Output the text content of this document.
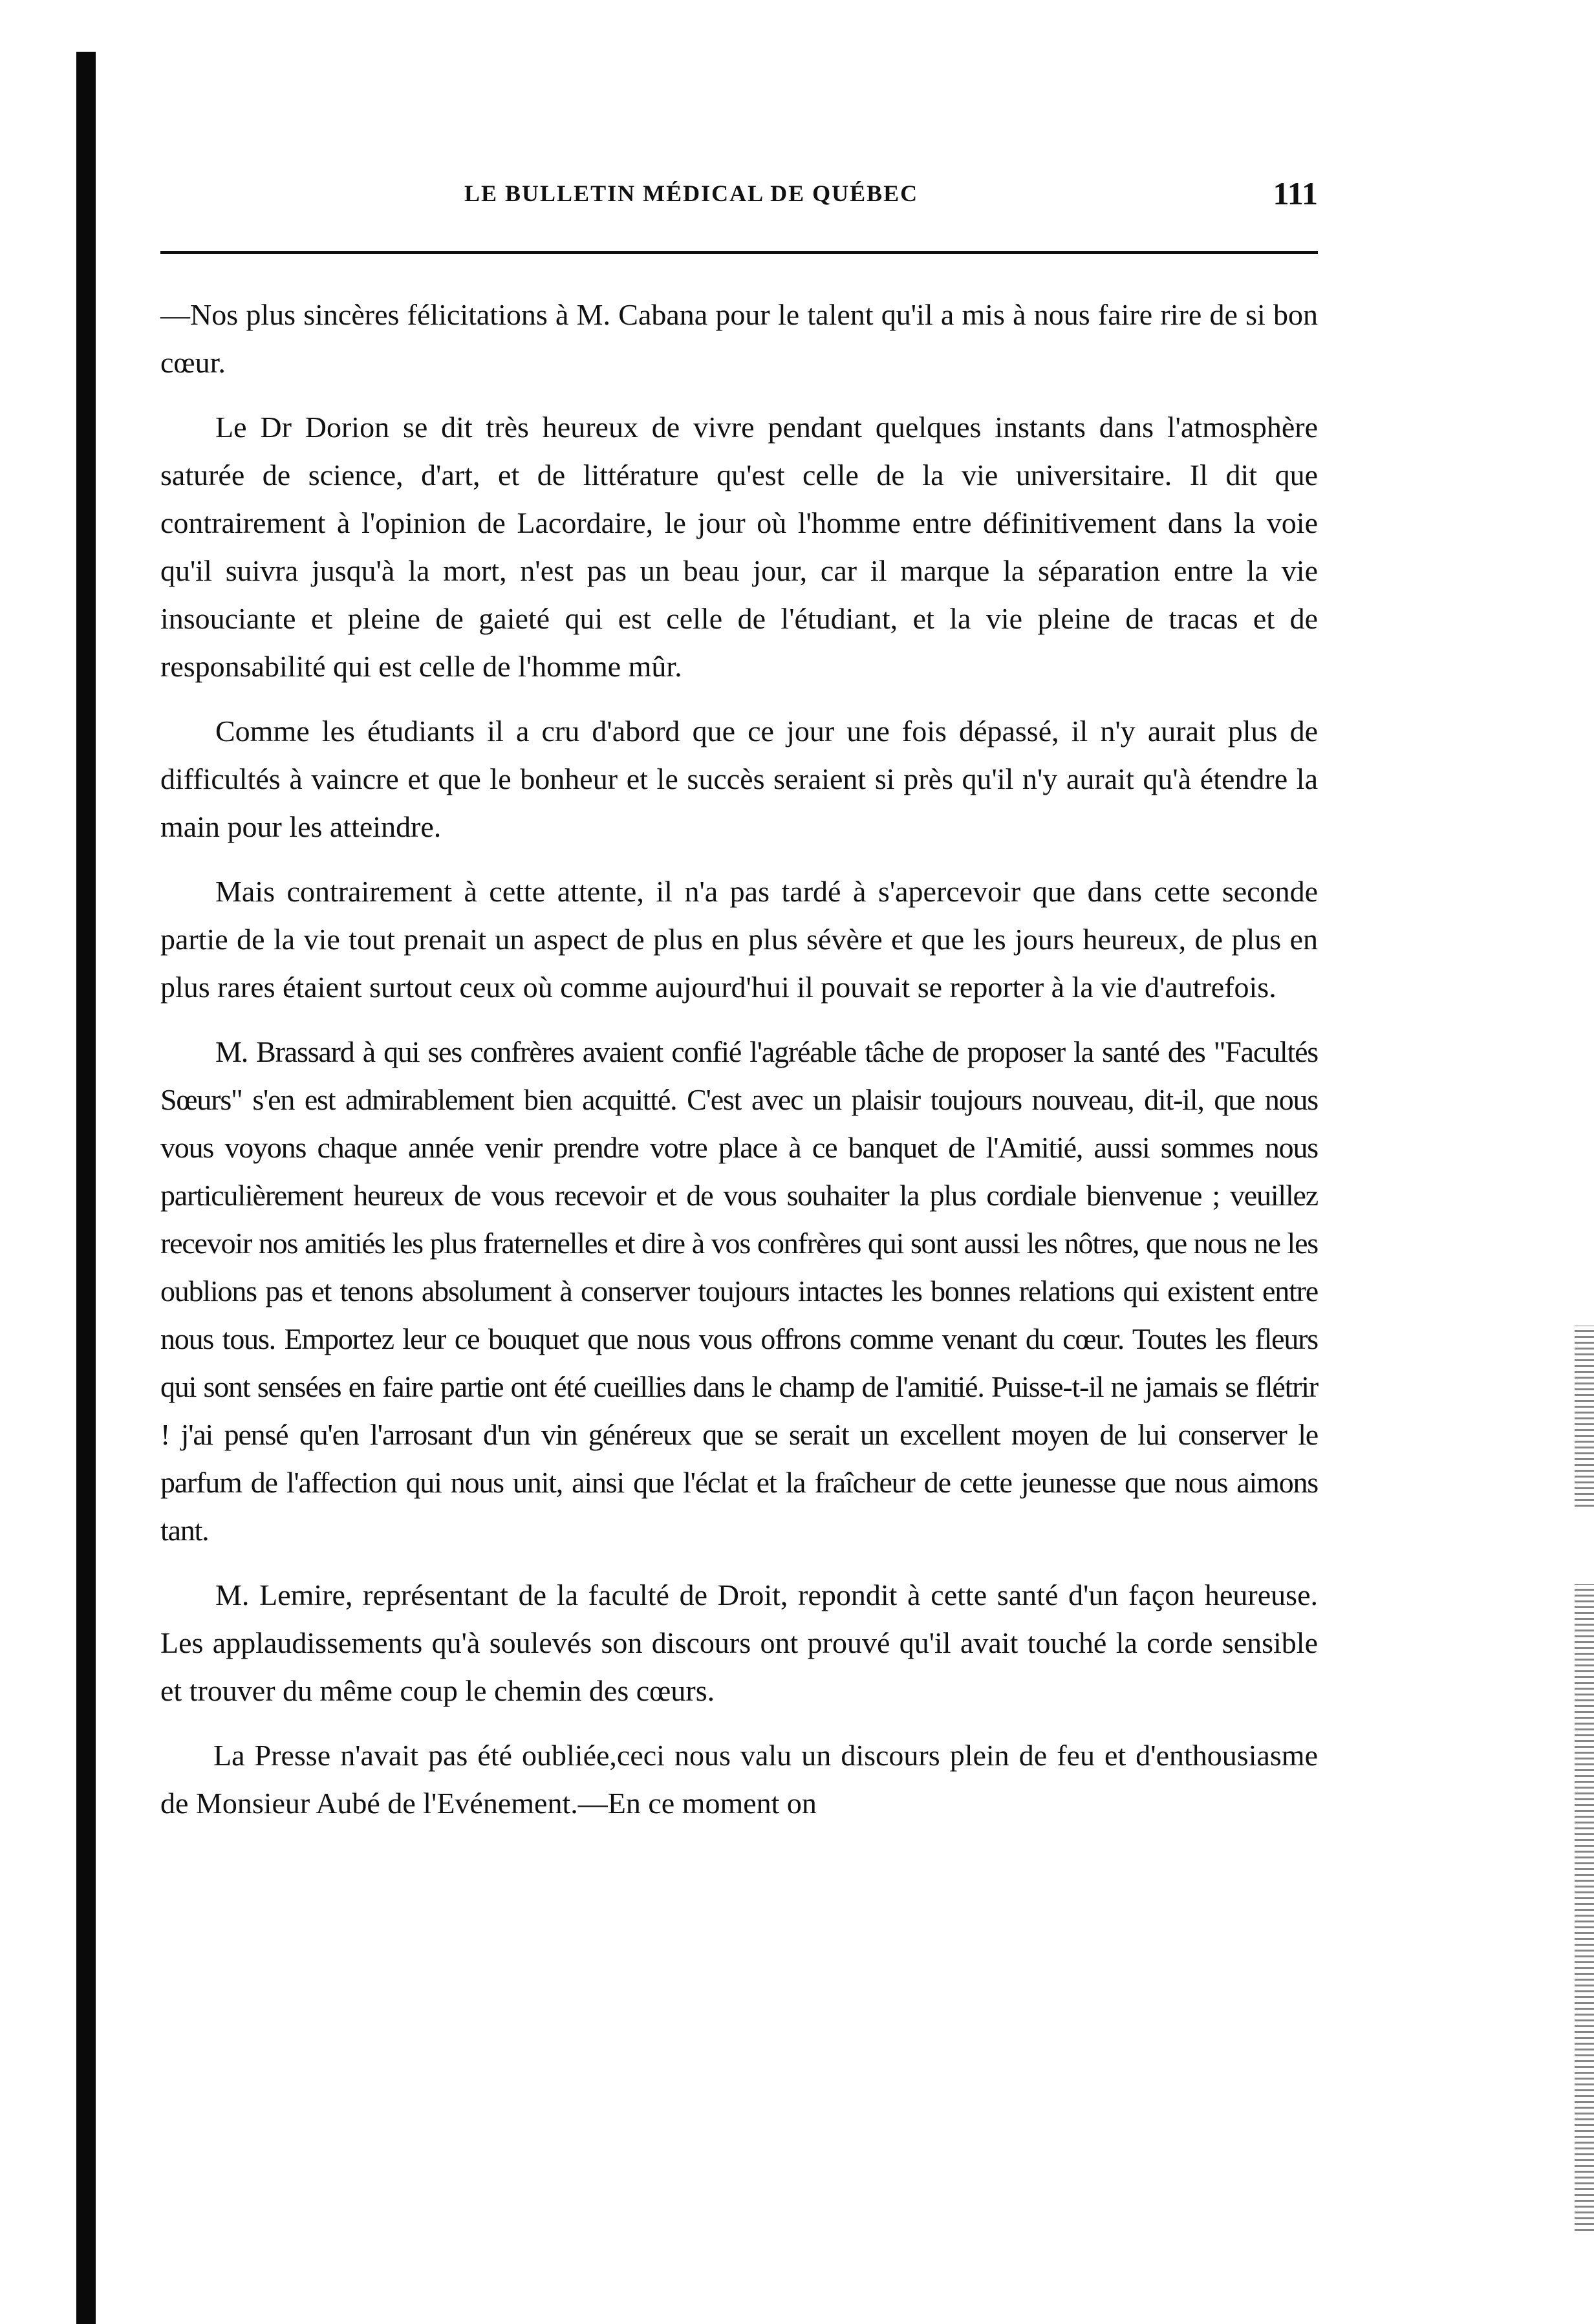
LE BULLETIN MÉDICAL DE QUÉBEC	111

—Nos plus sincères félicitations à M. Cabana pour le talent qu'il a mis à nous faire rire de si bon cœur.

Le Dr Dorion se dit très heureux de vivre pendant quelques instants dans l'atmosphère saturée de science, d'art, et de littérature qu'est celle de la vie universitaire. Il dit que contrairement à l'opinion de Lacordaire, le jour où l'homme entre définitivement dans la voie qu'il suivra jusqu'à la mort, n'est pas un beau jour, car il marque la séparation entre la vie insouciante et pleine de gaieté qui est celle de l'étudiant, et la vie pleine de tracas et de responsabilité qui est celle de l'homme mûr.

Comme les étudiants il a cru d'abord que ce jour une fois dépassé, il n'y aurait plus de difficultés à vaincre et que le bonheur et le succès seraient si près qu'il n'y aurait qu'à étendre la main pour les atteindre.

Mais contrairement à cette attente, il n'a pas tardé à s'apercevoir que dans cette seconde partie de la vie tout prenait un aspect de plus en plus sévère et que les jours heureux, de plus en plus rares étaient surtout ceux où comme aujourd'hui il pouvait se reporter à la vie d'autrefois.

M. Brassard à qui ses confrères avaient confié l'agréable tâche de proposer la santé des "Facultés Sœurs" s'en est admirablement bien acquitté. C'est avec un plaisir toujours nouveau, dit-il, que nous vous voyons chaque année venir prendre votre place à ce banquet de l'Amitié, aussi sommes nous particulièrement heureux de vous recevoir et de vous souhaiter la plus cordiale bienvenue ; veuillez recevoir nos amitiés les plus fraternelles et dire à vos confrères qui sont aussi les nôtres, que nous ne les oublions pas et tenons absolument à conserver toujours intactes les bonnes relations qui existent entre nous tous. Emportez leur ce bouquet que nous vous offrons comme venant du cœur. Toutes les fleurs qui sont sensées en faire partie ont été cueillies dans le champ de l'amitié. Puisse-t-il ne jamais se flétrir ! j'ai pensé qu'en l'arrosant d'un vin généreux que se serait un excellent moyen de lui conserver le parfum de l'affection qui nous unit, ainsi que l'éclat et la fraîcheur de cette jeunesse que nous aimons tant.

M. Lemire, représentant de la faculté de Droit, repondit à cette santé d'un façon heureuse. Les applaudissements qu'à soulevés son discours ont prouvé qu'il avait touché la corde sensible et trouver du même coup le chemin des cœurs.

La Presse n'avait pas été oubliée,ceci nous valu un discours plein de feu et d'enthousiasme de Monsieur Aubé de l'Evénement.—En ce moment on
